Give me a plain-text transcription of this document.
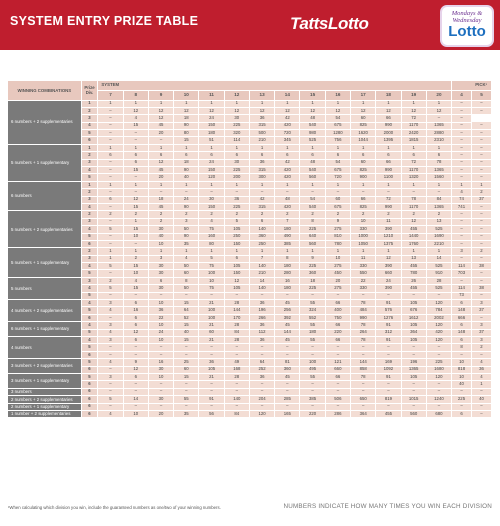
SYSTEM ENTRY PRIZE TABLE	TattsLotto
Mondays & Wednesday
Lotto
WINNING COMBINATIONS	Prize Div.	SYSTEM														PICK¹	
		7	8	9	10	11	12	13	14	15	16	17	18	19	20	4	5
6 numbers + 2 supplementaries	1	1	1	1	1	1	1	1	1	1	1	1	1	1	1	–	–
	2	–	12	12	12	12	12	12	12	12	12	12	12	12	12	–	–
	3	–	4	12	18	24	30	36	42	48	54	60	66	72	–	–	
	4	–	15	45	90	150	225	315	420	540	675	825	990	1170	1365	–	–
	5	–	–	20	80	180	320	500	720	980	1280	1620	2000	2420	2880	–	–
	6	–	–	–	15	51	114	210	345	525	756	1044	1395	1815	2310	–	–
5 numbers + 1 supplementary	1	1	1	1	1	1	1	1	1	1	1	1	1	1	1	–	–
	2	6	6	6	6	6	6	6	6	6	6	6	6	6	6	–	–
	3	–	6	12	18	24	30	36	42	48	54	60	66	72	78	–	–
	4	–	15	45	90	150	225	315	420	540	675	825	990	1170	1365	–	–
	5	–	–	20	40	120	200	300	420	560	720	900	1100	1320	1560	–	–
6 numbers	1	1	1	1	1	1	1	1	1	1	1	1	1	1	1	1	1
	2	–	–	–	–	–	–	–	–	–	–	–	–	–	–	4	2
	3	6	12	18	24	30	36	42	48	54	60	66	72	78	84	74	37
	4	–	15	45	90	150	225	315	420	540	675	825	990	1170	1365	741	–
5 numbers + 2 supplementaries	2	2	2	2	2	2	2	2	2	2	2	2	2	2	2	–	–
	3	–	1	2	3	4	5	6	7	8	9	10	11	12	13	–	–
	4	5	15	30	50	75	105	140	180	225	275	330	390	455	525	–	–
	5	–	10	40	90	160	250	360	490	640	810	1000	1210	1440	1690	–	–
	6	–	–	10	35	80	150	250	385	560	780	1050	1375	1760	2210	–	–
5 numbers + 1 supplementary	2	1	1	1	1	1	1	1	1	1	1	1	1	1	1	3	2
	3	1	2	3	4	5	6	7	8	9	10	11	12	13	14	–	–
	4	5	15	30	50	75	105	140	180	225	275	330	390	455	525	114	38
	5	–	10	30	60	100	150	210	280	360	450	550	660	780	910	703	–
5 numbers	3	2	4	6	8	10	12	14	16	18	20	22	24	26	28	–	–
	4	5	15	30	50	75	105	140	180	225	275	330	390	455	525	114	38
	5	–	–	–	–	–	–	–	–	–	–	–	–	–	–	73	–
4 numbers + 2 supplementaries	4	3	6	10	15	21	28	36	45	55	66	78	91	105	120	6	3
	5	4	16	36	64	100	144	196	256	324	400	484	576	676	784	148	37
	6	–	6	22	52	100	170	266	392	552	750	990	1276	1612	2002	666	–
6 numbers + 1 supplementary	4	3	6	10	15	21	28	36	45	55	66	78	91	105	120	6	3
	5	4	12	24	40	60	84	112	144	180	220	264	312	364	420	148	37
4 numbers	4	3	6	10	15	21	28	36	45	55	66	78	91	105	120	6	3
	5	–	–	–	–	–	–	–	–	–	–	–	–	–	–	8	2
	6	–	–	–	–	–	–	–	–	–	–	–	–	–	–	–	–
3 numbers + 2 supplementaries	5	4	9	16	25	36	49	64	81	100	121	144	169	196	225	10	4
	6	–	12	30	60	105	168	252	360	495	660	858	1092	1365	1680	818	36
3 numbers + 1 supplementary	5	3	6	10	15	21	28	36	45	55	66	78	91	105	120	10	4
	6	–	–	–	–	–	–	–	–	–	–	–	–	–	–	40	1
3 numbers	6	–	–	–	–	–	–	–	–	–	–	–	–	–	–	–	–
2 numbers + 2 supplementaries	6	5	14	30	55	91	140	204	285	385	506	650	819	1015	1240	225	40
2 numbers + 1 supplementary	6	–	–	–	–	–	–	–	–	–	–	–	–	–	–	–	–
1 number + 2 supplementaries	6	4	10	20	35	56	84	120	165	220	286	364	455	560	680	6	–
¹When calculating which division you win, include the guaranteed numbers as one/two of your winning numbers.	NUMBERS INDICATE HOW MANY TIMES YOU WIN EACH DIVISION
